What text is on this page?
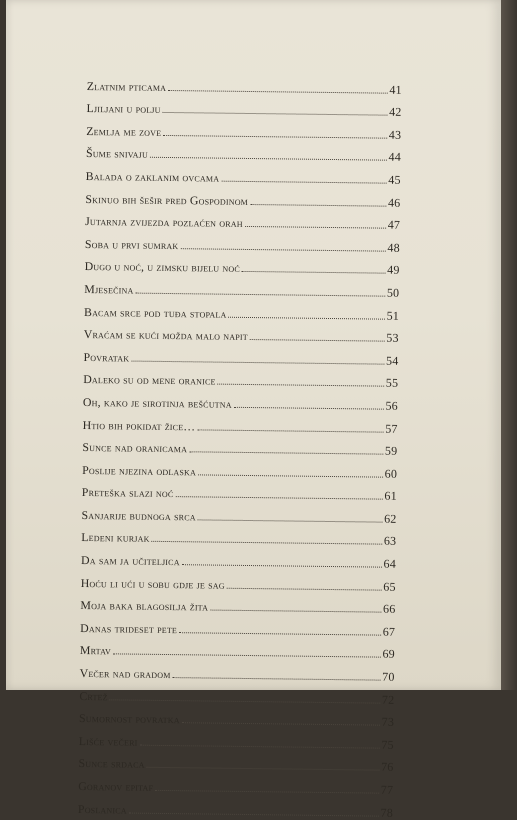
Zlatnim pticama	41
Ljiljani u polju	42
Zemlja me zove	43
Šume snivaju	44
Balada o zaklanim ovcama	45
Skinuo bih šešir pred Gospodinom	46
Jutarnja zvijezda pozlaćen orah	47
Soba u prvi sumrak	48
Dugo u noć, u zimsku bijelu noć	49
Mjesečina	50
Bacam srce pod tuđa stopala	51
Vraćam se kući možda malo napit	53
Povratak	54
Daleko su od mene oranice	55
Oh, kako je sirotinja bešćutna	56
Htio bih pokidat žice…	57
Sunce nad oranicama	59
Poslije njezina odlaska	60
Preteška slazi noć	61
Sanjarije budnoga srca	62
Ledeni kurjak	63
Da sam ja učiteljica	64
Hoću li ući u sobu gdje je sag	65
Moja baka blagosilja žita	66
Danas trideset pete	67
Mrtav	69
Večer nad gradom	70
Crtež	72
Sumornost povratka	73
Lišće večeri	75
Sunce srdaca	76
Goranov epitaf	77
Poslanica	78
